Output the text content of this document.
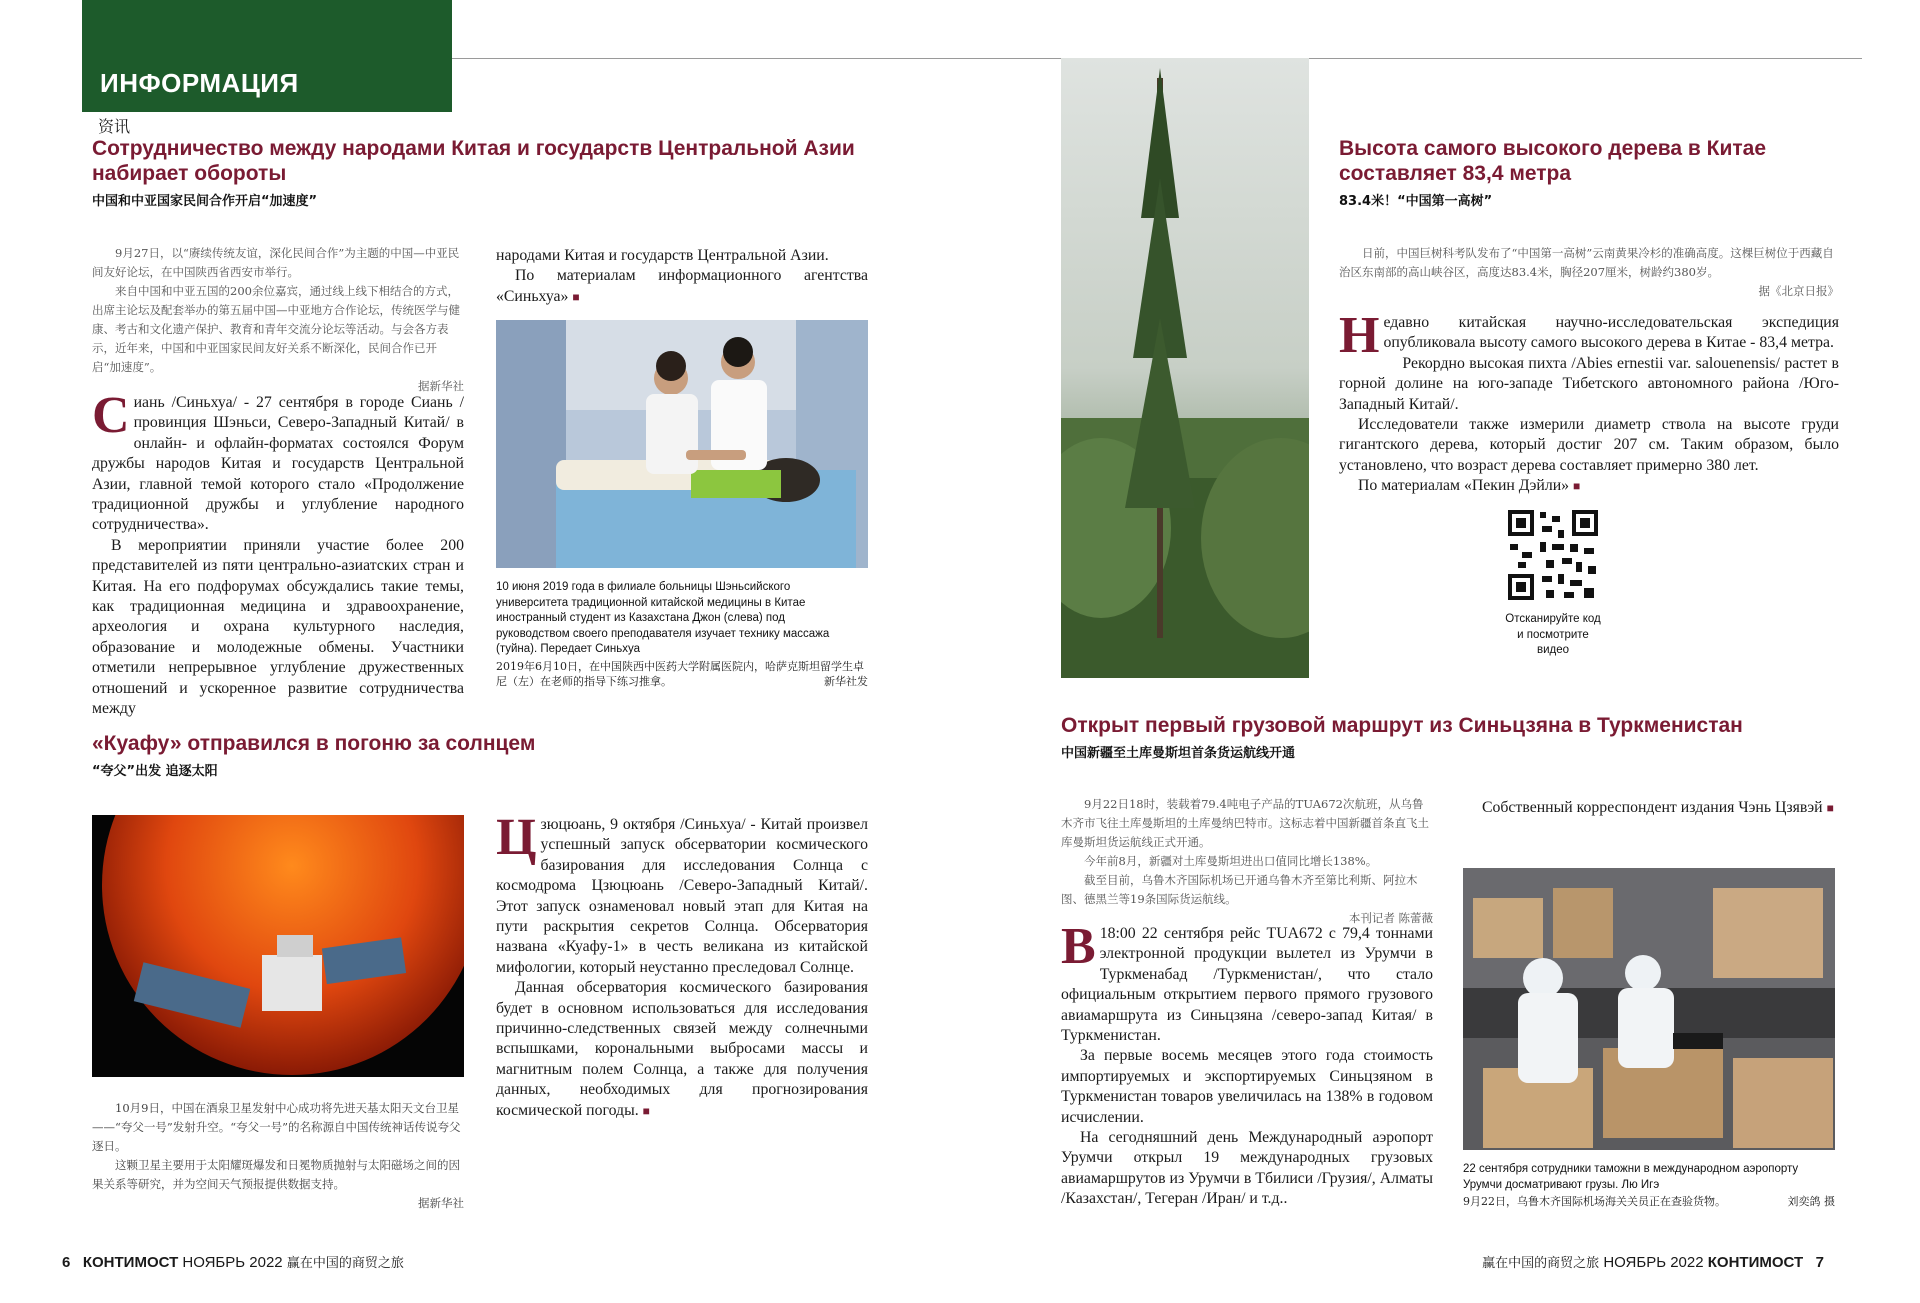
ИНФОРМАЦИЯ
资讯
Сотрудничество между народами Китая и государств Центральной Азии набирает обороты
中国和中亚国家民间合作开启“加速度”

9月27日，以“赓续传统友谊，深化民间合作”为主题的中国—中亚民间友好论坛，在中国陕西省西安市举行。

来自中国和中亚五国的200余位嘉宾，通过线上线下相结合的方式，出席主论坛及配套举办的第五届中国—中亚地方合作论坛，传统医学与健康、考古和文化遗产保护、教育和青年交流分论坛等活动。与会各方表示，近年来，中国和中亚国家民间友好关系不断深化，民间合作已开启“加速度”。

据新华社

Сиань /Синьхуа/ - 27 сентября в городе Сиань /провинция Шэньси, Северо-Западный Китай/ в онлайн- и офлайн-форматах состоялся Форум дружбы народов Китая и государств Центральной Азии, главной темой которого стало «Продолжение традиционной дружбы и углубление народного сотрудничества».

В мероприятии приняли участие более 200 представителей из пяти центрально-азиатских стран и Китая. На его подфорумах обсуждались такие темы, как традиционная медицина и здравоохранение, археология и охрана культурного наследия, образование и молодежные обмены. Участники отметили непрерывное углубление дружественных отношений и ускоренное развитие сотрудничества между

народами Китая и государств Центральной Азии.

По материалам информационного агентства «Синьхуа» ■

10 июня 2019 года в филиале больницы Шэньсийского университета традиционной китайской медицины в Китае иностранный студент из Казахстана Джон (слева) под руководством своего преподавателя изучает технику массажа (туйна). Передает Синьхуа
2019年6月10日，在中国陕西中医药大学附属医院内，哈萨克斯坦留学生卓尼（左）在老师的指导下练习推拿。	新华社发
«Куафу» отправился в погоню за солнцем
“夸父”出发 追逐太阳

10月9日，中国在酒泉卫星发射中心成功将先进天基太阳天文台卫星——“夸父一号”发射升空。“夸父一号”的名称源自中国传统神话传说夸父逐日。

这颗卫星主要用于太阳耀斑爆发和日冕物质抛射与太阳磁场之间的因果关系等研究，并为空间天气预报提供数据支持。

据新华社

Цзюцюань, 9 октября /Синьхуа/ - Китай произвел успешный запуск обсерватории космического базирования для исследования Солнца с космодрома Цзюцюань /Северо-Западный Китай/. Этот запуск ознаменовал новый этап для Китая на пути раскрытия секретов Солнца. Обсерватория названа «Куафу-1» в честь великана из китайской мифологии, который неустанно преследовал Солнце.

Данная обсерватория космического базирования будет в основном использоваться для исследования причинно-следственных связей между солнечными вспышками, корональными выбросами массы и магнитным полем Солнца, а также для получения данных, необходимых для прогнозирования космической погоды. ■

Высота самого высокого дерева в Китае составляет 83,4 метра
83.4米！“中国第一高树”

日前，中国巨树科考队发布了“中国第一高树”云南黄果冷杉的准确高度。这棵巨树位于西藏自治区东南部的高山峡谷区，高度达83.4米，胸径207厘米，树龄约380岁。

据《北京日报》

Недавно китайская научно-исследовательская экспедиция опубликовала высоту самого высокого дерева в Китае - 83,4 метра.

Рекордно высокая пихта /Abies ernestii var. salouenensis/ растет в горной долине на юго-западе Тибетского автономного района /Юго-Западный Китай/.

Исследователи также измерили диаметр ствола на высоте груди гигантского дерева, который достиг 207 см. Таким образом, было установлено, что возраст дерева составляет примерно 380 лет.

По материалам «Пекин Дэйли» ■

Отсканируйте код и посмотрите видео
Открыт первый грузовой маршрут из Синьцзяна в Туркменистан
中国新疆至土库曼斯坦首条货运航线开通

9月22日18时，装载着79.4吨电子产品的TUA672次航班，从乌鲁木齐市飞往土库曼斯坦的土库曼纳巴特市。这标志着中国新疆首条直飞土库曼斯坦货运航线正式开通。

今年前8月，新疆对土库曼斯坦进出口值同比增长138%。

截至目前，乌鲁木齐国际机场已开通乌鲁木齐至第比利斯、阿拉木图、德黑兰等19条国际货运航线。

本刊记者 陈蕾薇

В 18:00 22 сентября рейс TUA672 с 79,4 тоннами электронной продукции вылетел из Урумчи в Туркменабад /Туркменистан/, что стало официальным открытием первого прямого грузового авиамаршрута из Синьцзяна /северо-запад Китая/ в Туркменистан.

За первые восемь месяцев этого года стоимость импортируемых и экспортируемых Синьцзяном в Туркменистан товаров увеличилась на 138% в годовом исчислении.

На сегодняшний день Международный аэропорт Урумчи открыл 19 международных грузовых авиамаршрутов из Урумчи в Тбилиси /Грузия/, Алматы /Казахстан/, Тегеран /Иран/ и т.д..

Собственный корреспондент издания Чэнь Цзявэй ■

22 сентября сотрудники таможни в международном аэропорту Урумчи досматривают грузы. Лю Игэ
9月22日，乌鲁木齐国际机场海关关员正在查验货物。	刘奕鸽 摄
6 КОНТИМОСТ НОЯБРЬ 2022 赢在中国的商贸之旅	赢在中国的商贸之旅 НОЯБРЬ 2022 КОНТИМОСТ 7
